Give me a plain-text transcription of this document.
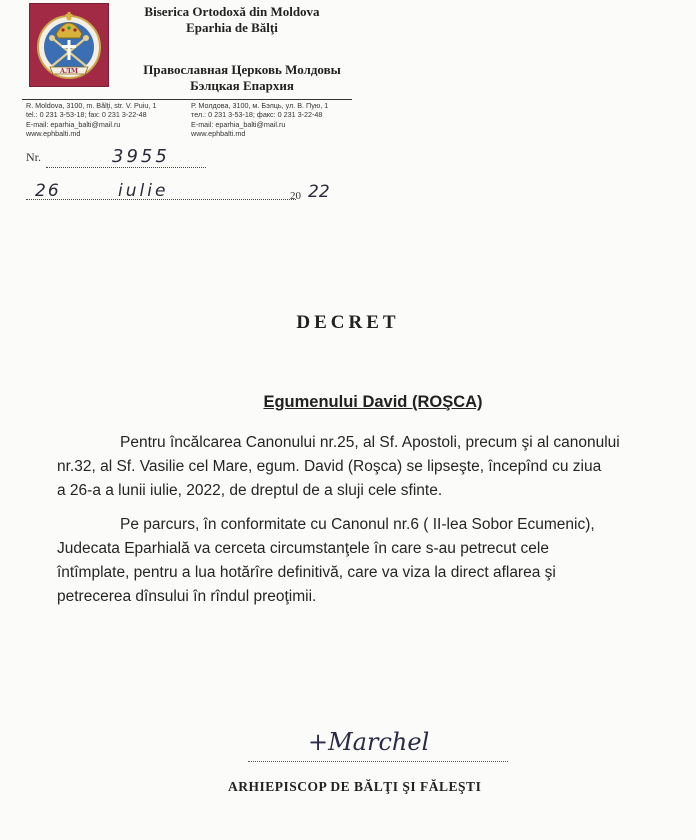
АЛМ
Biserica Ortodoxă din Moldova
Eparhia de Bălţi
Православная Церковь Молдовы
Бэлцкая Епархия
R. Moldova, 3100, m. Bălţi, str. V. Puiu, 1
tel.: 0 231 3-53-18; fax: 0 231 3-22-48
E-mail: eparhia_balti@mail.ru
www.ephbalti.md
Р. Молдова, 3100, м. Бэлць, ул. В. Пую, 1
тел.: 0 231 3-53-18; факс: 0 231 3-22-48
E-mail: eparhia_balti@mail.ru
www.ephbalti.md
Nr.	3955
26	iulie	20 22
DECRET
Egumenului David (ROŞCA)
Pentru încălcarea Canonului nr.25, al Sf. Apostoli, precum şi al canonului
nr.32, al Sf. Vasilie cel Mare, egum. David (Roşca) se lipseşte, începînd cu ziua
a 26-a a lunii iulie, 2022, de dreptul de a sluji cele sfinte.
Pe parcurs, în conformitate cu Canonul nr.6 ( II-lea Sobor Ecumenic),
Judecata Eparhială va cerceta circumstanţele în care s-au petrecut cele
întîmplate, pentru a lua hotărîre definitivă, care va viza la direct aflarea şi
petrecerea dînsului în rîndul preoţimii.
+Marchel
ARHIEPISCOP DE BĂLŢI ŞI FĂLEŞTI
